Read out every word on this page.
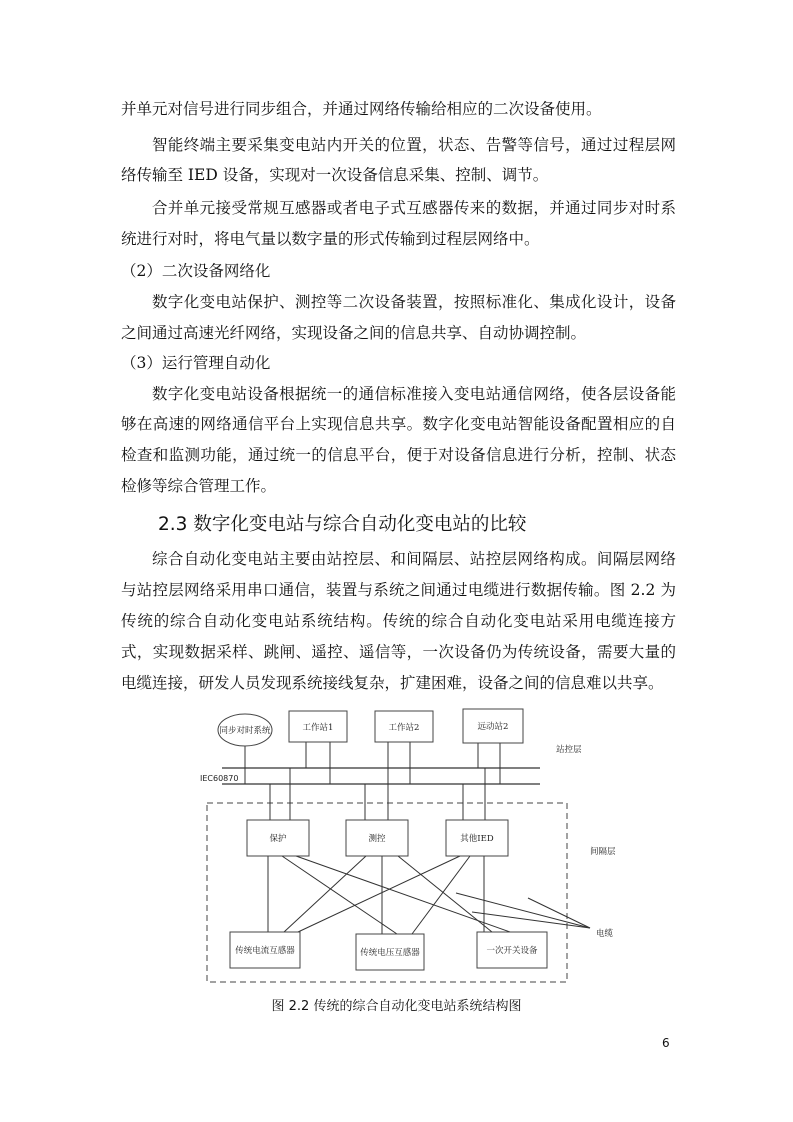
并单元对信号进行同步组合，并通过网络传输给相应的二次设备使用。
智能终端主要采集变电站内开关的位置，状态、告警等信号，通过过程层网
络传输至 IED 设备，实现对一次设备信息采集、控制、调节。
合并单元接受常规互感器或者电子式互感器传来的数据，并通过同步对时系
统进行对时，将电气量以数字量的形式传输到过程层网络中。
（2）二次设备网络化
数字化变电站保护、测控等二次设备装置，按照标准化、集成化设计，设备
之间通过高速光纤网络，实现设备之间的信息共享、自动协调控制。
（3）运行管理自动化
数字化变电站设备根据统一的通信标准接入变电站通信网络，使各层设备能
够在高速的网络通信平台上实现信息共享。数字化变电站智能设备配置相应的自
检查和监测功能，通过统一的信息平台，便于对设备信息进行分析，控制、状态
检修等综合管理工作。
2.3 数字化变电站与综合自动化变电站的比较
综合自动化变电站主要由站控层、和间隔层、站控层网络构成。间隔层网络
与站控层网络采用串口通信，装置与系统之间通过电缆进行数据传输。图 2.2 为
传统的综合自动化变电站系统结构。传统的综合自动化变电站采用电缆连接方
式，实现数据采样、跳闸、遥控、遥信等，一次设备仍为传统设备，需要大量的
电缆连接，研发人员发现系统接线复杂，扩建困难，设备之间的信息难以共享。
同步对时系统	工作站1	工作站2	远动站2
站控层
IEC60870
电缆
保护	测控	其他IED
间隔层
传统电流互感器	传统电压互感器	一次开关设备
图 2.2 传统的综合自动化变电站系统结构图
6
